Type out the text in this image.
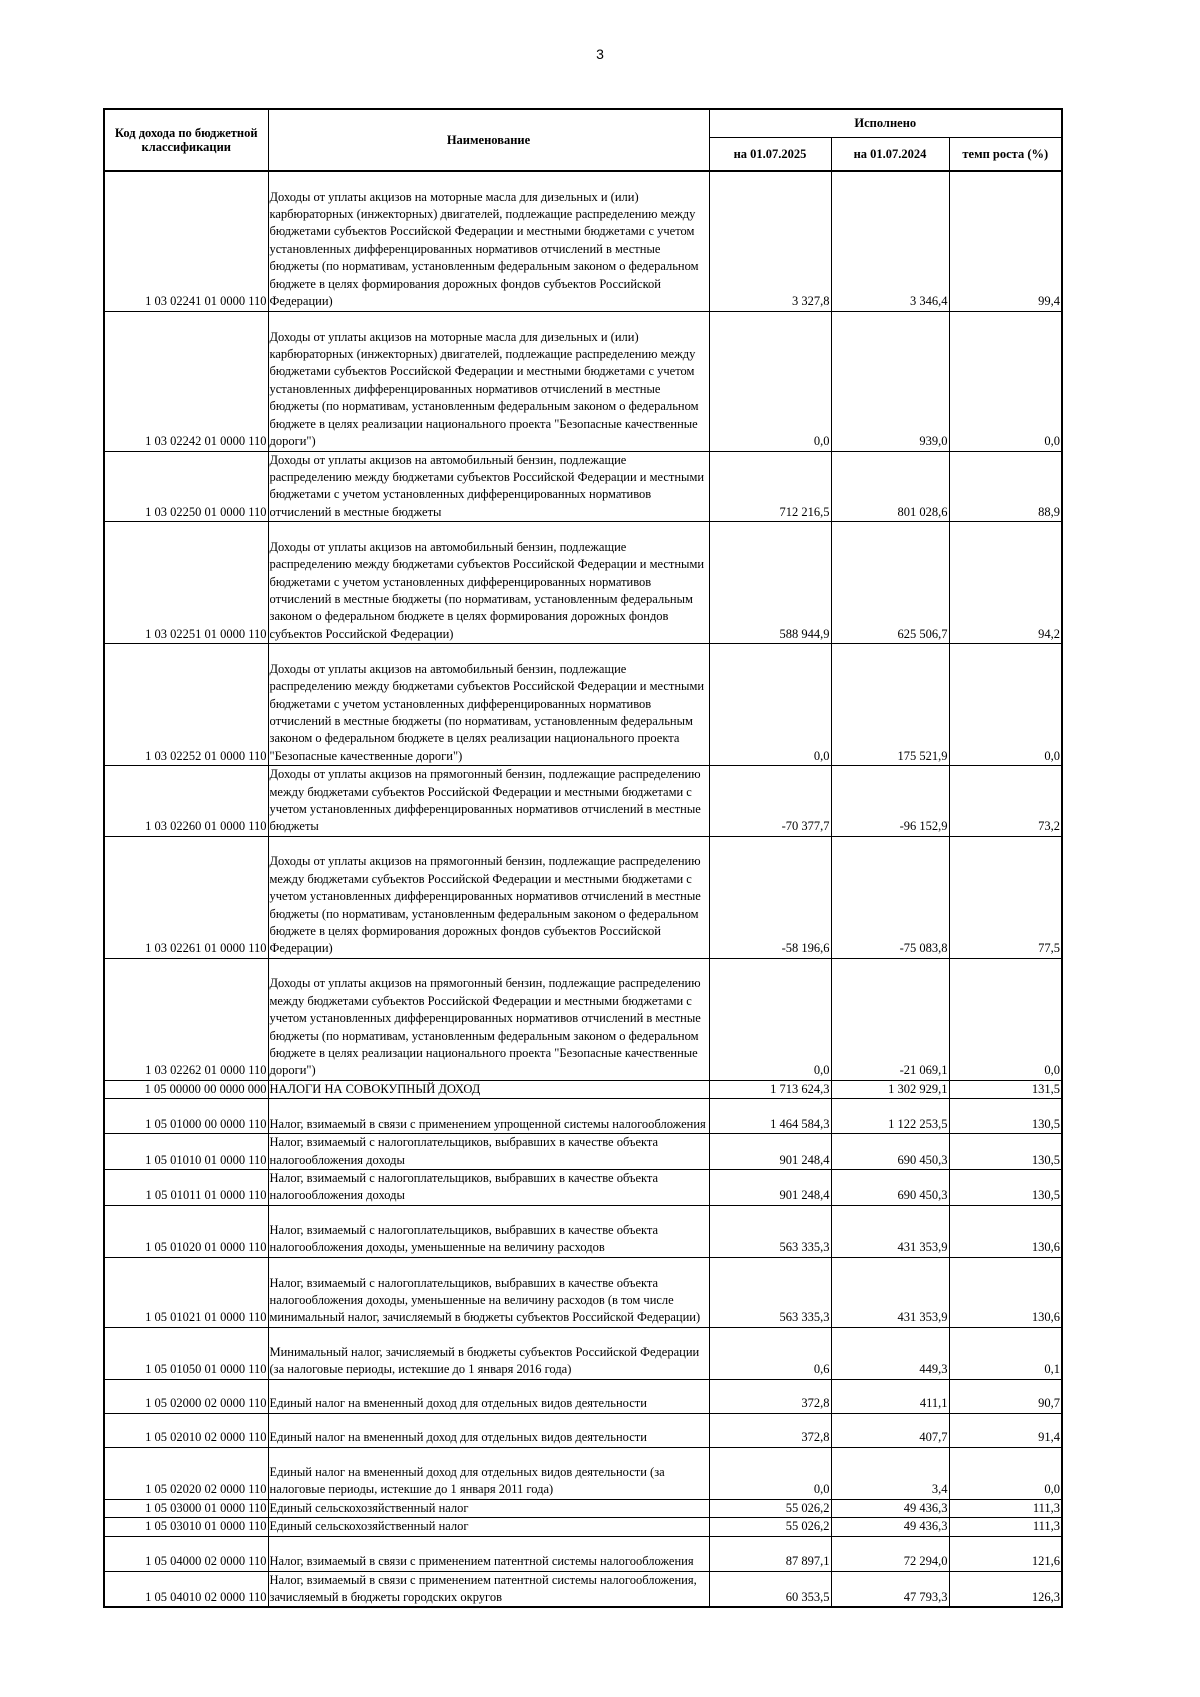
3
Код дохода по бюджетной классификации	Наименование	Исполнено		
		на 01.07.2025	на 01.07.2024	темп роста (%)
1 03 02241 01 0000 110	Доходы от уплаты акцизов на моторные масла для дизельных и (или) карбюраторных (инжекторных) двигателей, подлежащие распределению между бюджетами субъектов Российской Федерации и местными бюджетами с учетом установленных дифференцированных нормативов отчислений в местные бюджеты (по нормативам, установленным федеральным законом о федеральном бюджете в целях формирования дорожных фондов субъектов Российской Федерации)	3 327,8	3 346,4	99,4
1 03 02242 01 0000 110	Доходы от уплаты акцизов на моторные масла для дизельных и (или) карбюраторных (инжекторных) двигателей, подлежащие распределению между бюджетами субъектов Российской Федерации и местными бюджетами с учетом установленных дифференцированных нормативов отчислений в местные бюджеты (по нормативам, установленным федеральным законом о федеральном бюджете в целях реализации национального проекта "Безопасные качественные дороги")	0,0	939,0	0,0
1 03 02250 01 0000 110	Доходы от уплаты акцизов на автомобильный бензин, подлежащие распределению между бюджетами субъектов Российской Федерации и местными бюджетами с учетом установленных дифференцированных нормативов отчислений в местные бюджеты	712 216,5	801 028,6	88,9
1 03 02251 01 0000 110	Доходы от уплаты акцизов на автомобильный бензин, подлежащие распределению между бюджетами субъектов Российской Федерации и местными бюджетами с учетом установленных дифференцированных нормативов отчислений в местные бюджеты (по нормативам, установленным федеральным законом о федеральном бюджете в целях формирования дорожных фондов субъектов Российской Федерации)	588 944,9	625 506,7	94,2
1 03 02252 01 0000 110	Доходы от уплаты акцизов на автомобильный бензин, подлежащие распределению между бюджетами субъектов Российской Федерации и местными бюджетами с учетом установленных дифференцированных нормативов отчислений в местные бюджеты (по нормативам, установленным федеральным законом о федеральном бюджете в целях реализации национального проекта "Безопасные качественные дороги")	0,0	175 521,9	0,0
1 03 02260 01 0000 110	Доходы от уплаты акцизов на прямогонный бензин, подлежащие распределению между бюджетами субъектов Российской Федерации и местными бюджетами с учетом установленных дифференцированных нормативов отчислений в местные бюджеты	-70 377,7	-96 152,9	73,2
1 03 02261 01 0000 110	Доходы от уплаты акцизов на прямогонный бензин, подлежащие распределению между бюджетами субъектов Российской Федерации и местными бюджетами с учетом установленных дифференцированных нормативов отчислений в местные бюджеты (по нормативам, установленным федеральным законом о федеральном бюджете в целях формирования дорожных фондов субъектов Российской Федерации)	-58 196,6	-75 083,8	77,5
1 03 02262 01 0000 110	Доходы от уплаты акцизов на прямогонный бензин, подлежащие распределению между бюджетами субъектов Российской Федерации и местными бюджетами с учетом установленных дифференцированных нормативов отчислений в местные бюджеты (по нормативам, установленным федеральным законом о федеральном бюджете в целях реализации национального проекта "Безопасные качественные дороги")	0,0	-21 069,1	0,0
1 05 00000 00 0000 000	НАЛОГИ НА СОВОКУПНЫЙ ДОХОД	1 713 624,3	1 302 929,1	131,5
1 05 01000 00 0000 110	Налог, взимаемый в связи с применением упрощенной системы налогообложения	1 464 584,3	1 122 253,5	130,5
1 05 01010 01 0000 110	Налог, взимаемый с налогоплательщиков, выбравших в качестве объекта налогообложения доходы	901 248,4	690 450,3	130,5
1 05 01011 01 0000 110	Налог, взимаемый с налогоплательщиков, выбравших в качестве объекта налогообложения доходы	901 248,4	690 450,3	130,5
1 05 01020 01 0000 110	Налог, взимаемый с налогоплательщиков, выбравших в качестве объекта налогообложения доходы, уменьшенные на величину расходов	563 335,3	431 353,9	130,6
1 05 01021 01 0000 110	Налог, взимаемый с налогоплательщиков, выбравших в качестве объекта налогообложения доходы, уменьшенные на величину расходов (в том числе минимальный налог, зачисляемый в бюджеты субъектов Российской Федерации)	563 335,3	431 353,9	130,6
1 05 01050 01 0000 110	Минимальный налог, зачисляемый в бюджеты субъектов Российской Федерации (за налоговые периоды, истекшие до 1 января 2016 года)	0,6	449,3	0,1
1 05 02000 02 0000 110	Единый налог на вмененный доход для отдельных видов деятельности	372,8	411,1	90,7
1 05 02010 02 0000 110	Единый налог на вмененный доход для отдельных видов деятельности	372,8	407,7	91,4
1 05 02020 02 0000 110	Единый налог на вмененный доход для отдельных видов деятельности (за налоговые периоды, истекшие до 1 января 2011 года)	0,0	3,4	0,0
1 05 03000 01 0000 110	Единый сельскохозяйственный налог	55 026,2	49 436,3	111,3
1 05 03010 01 0000 110	Единый сельскохозяйственный налог	55 026,2	49 436,3	111,3
1 05 04000 02 0000 110	Налог, взимаемый в связи с применением патентной системы налогообложения	87 897,1	72 294,0	121,6
1 05 04010 02 0000 110	Налог, взимаемый в связи с применением патентной системы налогообложения, зачисляемый в бюджеты городских округов	60 353,5	47 793,3	126,3
